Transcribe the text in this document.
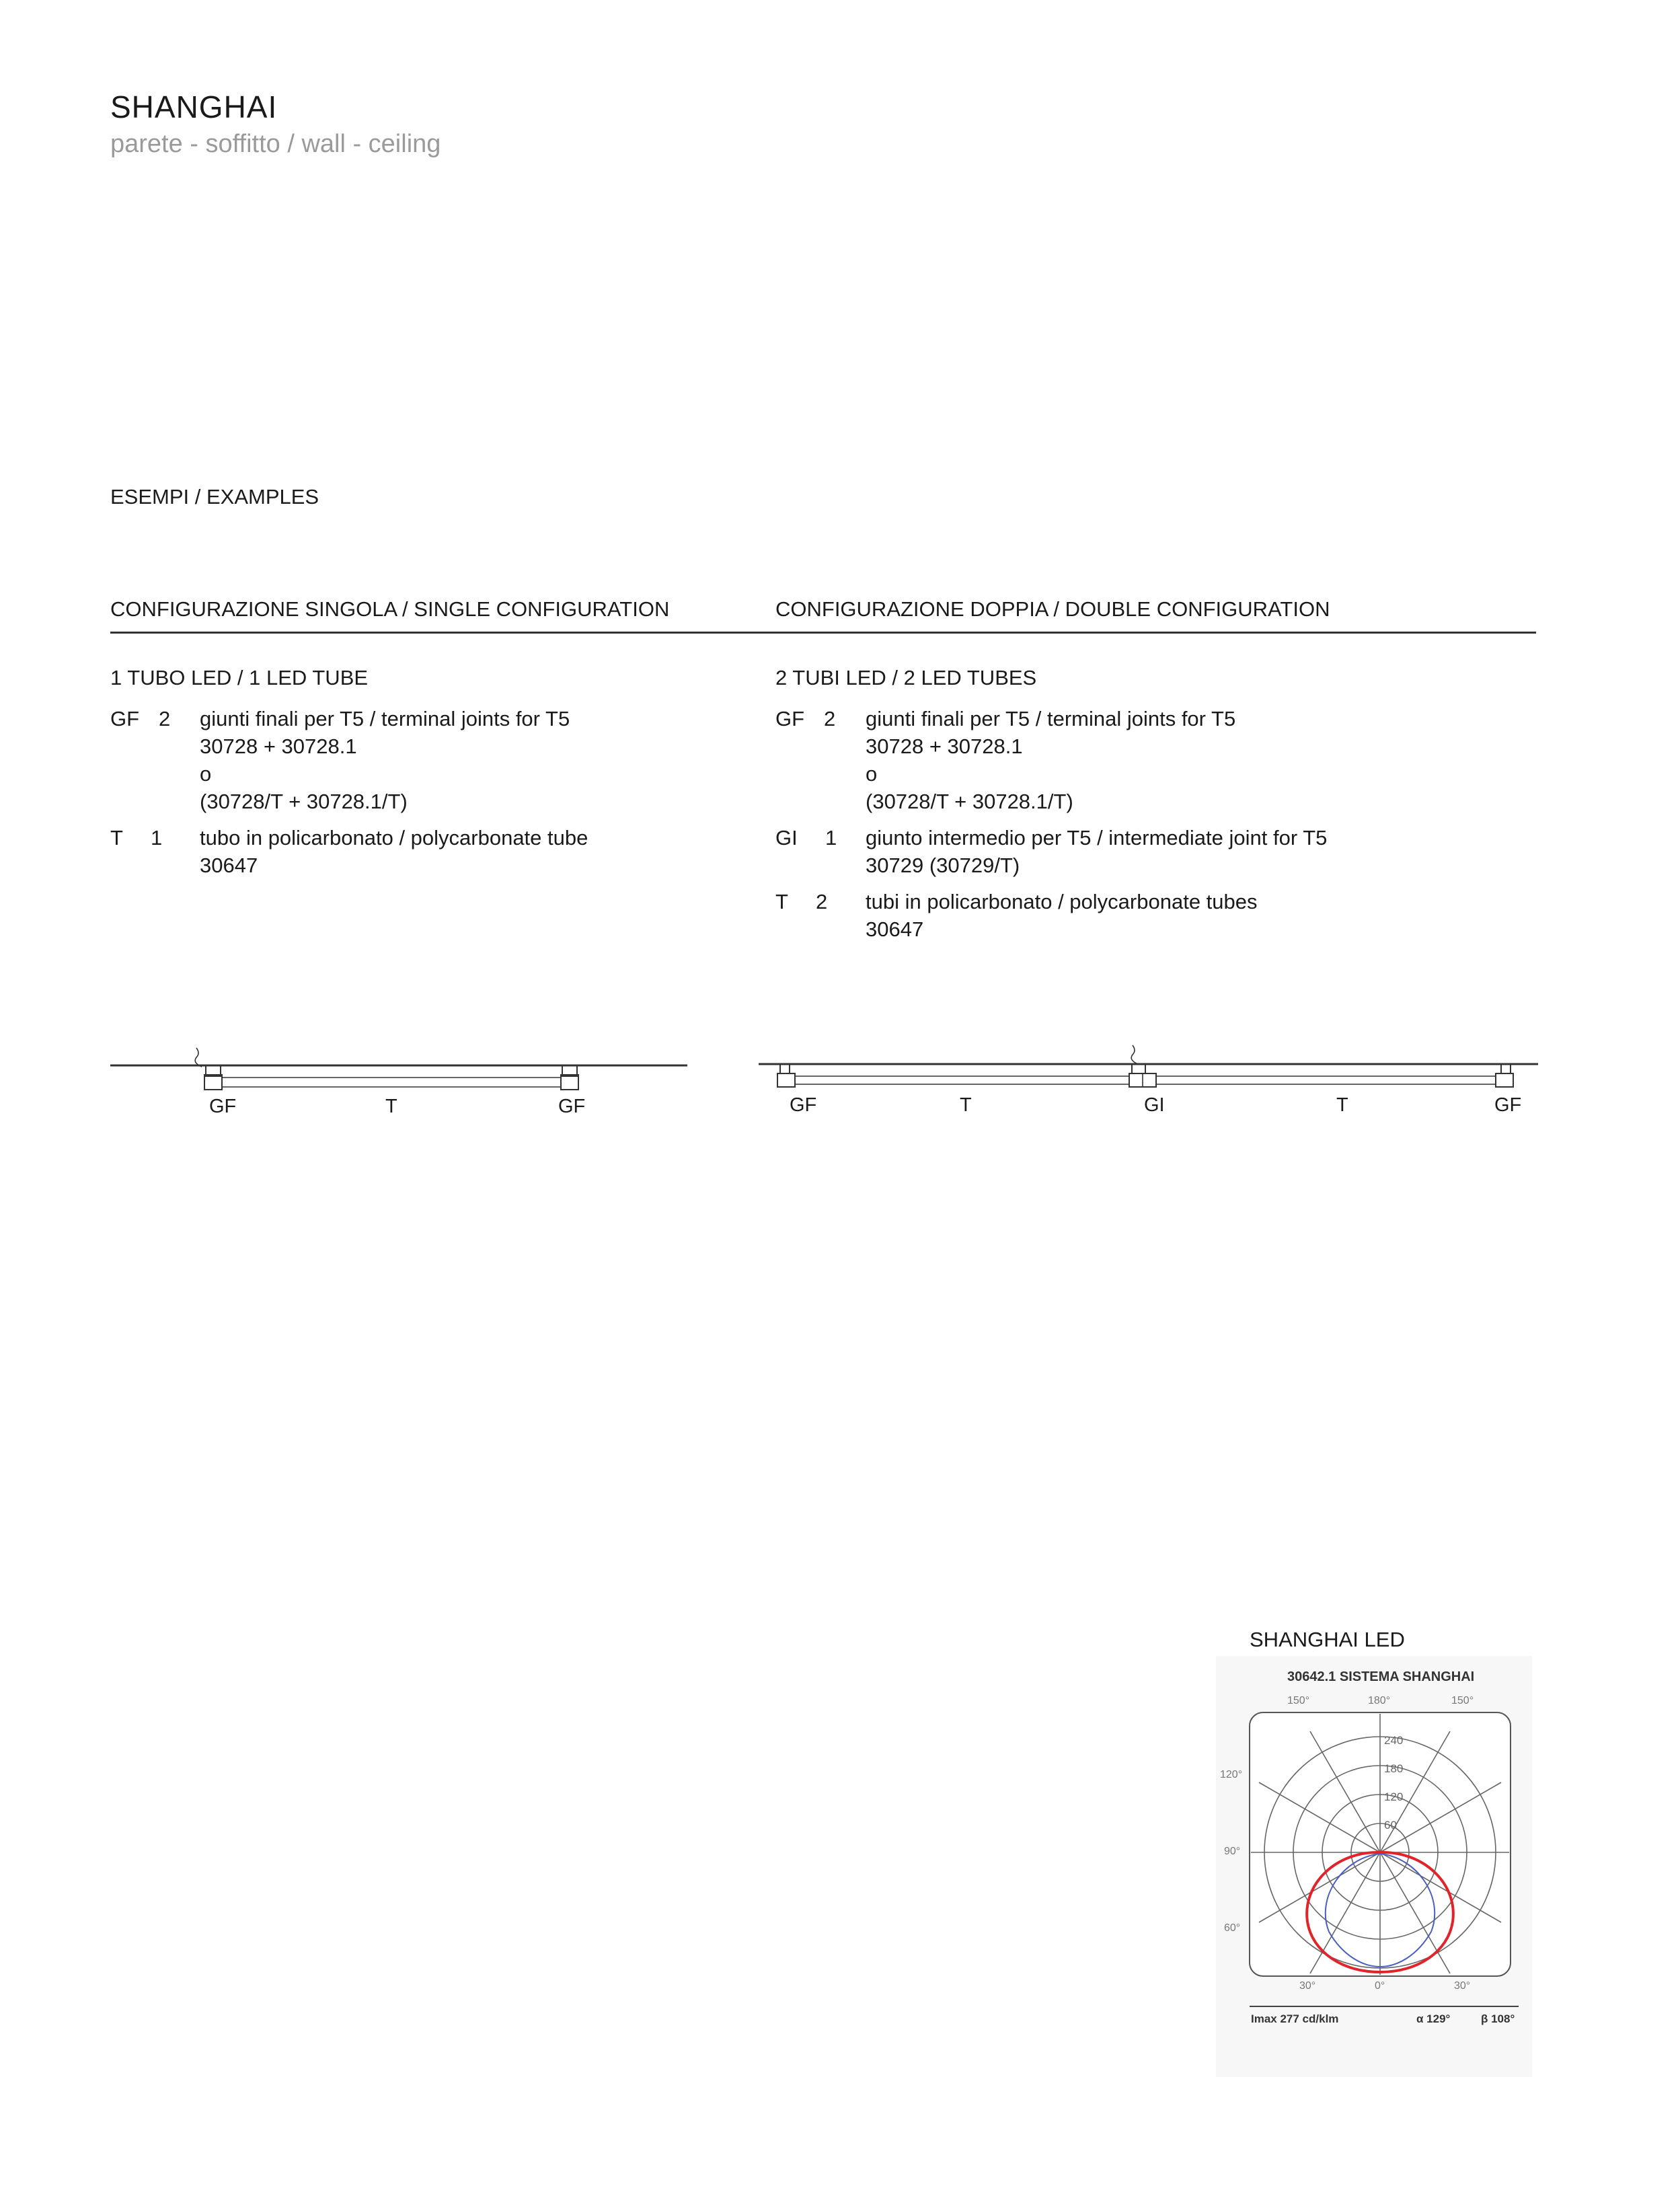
SHANGHAI
parete - soffitto / wall - ceiling
ESEMPI / EXAMPLES
CONFIGURAZIONE SINGOLA / SINGLE CONFIGURATION	CONFIGURAZIONE DOPPIA / DOUBLE CONFIGURATION
1 TUBO LED / 1 LED TUBE	2 TUBI LED / 2 LED TUBES
GF 2 giunti finali per T5 / terminal joints for T5
30728 + 30728.1
o
(30728/T + 30728.1/T)
T 1 tubo in policarbonato / polycarbonate tube
30647
GF 2 giunti finali per T5 / terminal joints for T5
30728 + 30728.1
o
(30728/T + 30728.1/T)
GI 1 giunto intermedio per T5 / intermediate joint for T5
30729 (30729/T)
T 2 tubi in policarbonato / polycarbonate tubes
30647
GF	T	GF	GF	T	GI	T	GF
SHANGHAI LED
30642.1 SISTEMA SHANGHAI
240
180
120
60
150°	180°	150°
120°
90°
60°
30°	0°	30°
Imax 277 cd/klm	α 129°	β 108°
